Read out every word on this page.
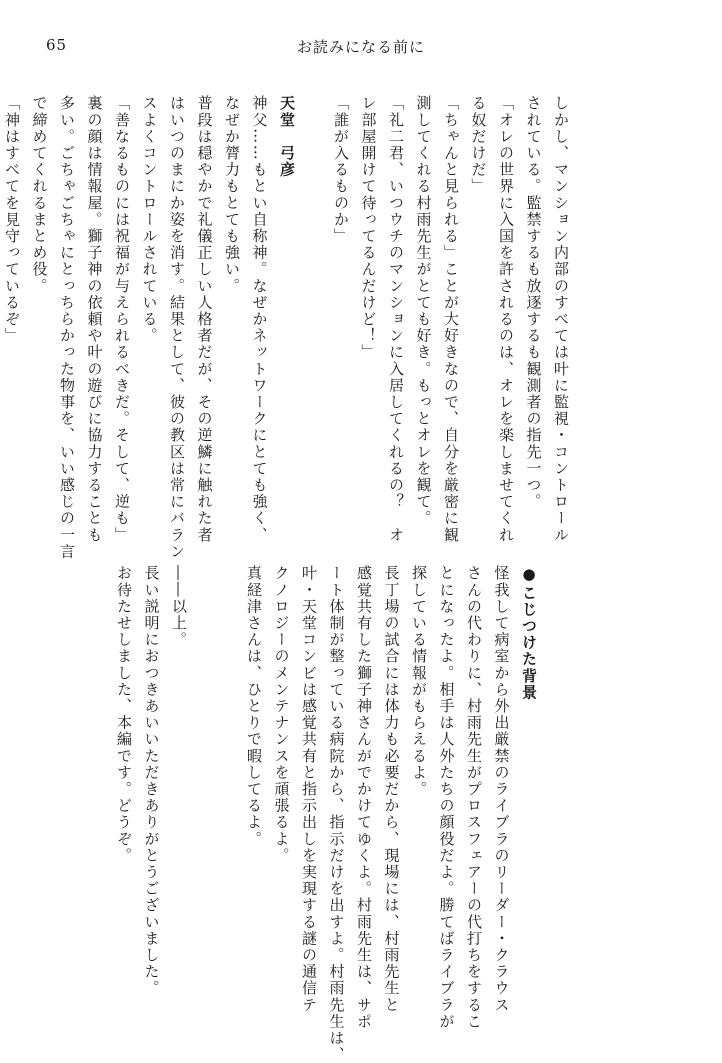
65	お読みになる前に

しかし、マンション内部のすべては叶に監視・コントロール

されている。監禁するも放逐するも観測者の指先一つ。

「オレの世界に入国を許されるのは、オレを楽しませてくれ

る奴だけだ」

「ちゃんと見られる」ことが大好きなので、自分を厳密に観

測してくれる村雨先生がとても好き。もっとオレを観て。

「礼二君、いつウチのマンションに入居してくれるの？　オ

レ部屋開けて待ってるんだけど！」

「誰が入るものか」

天堂　弓彦

神父……もとい自称神。なぜかネットワークにとても強く、

なぜか膂力もとても強い。

普段は穏やかで礼儀正しい人格者だが、その逆鱗に触れた者

はいつのまにか姿を消す。結果として、彼の教区は常にバラン

スよくコントロールされている。

「善なるものには祝福が与えられるべきだ。そして、逆も」

裏の顔は情報屋。獅子神の依頼や叶の遊びに協力することも

多い。ごちゃごちゃにとっちらかった物事を、いい感じの一言

で締めてくれるまとめ役。

「神はすべてを見守っているぞ」

●こじつけた背景

怪我して病室から外出厳禁のライブラのリーダー・クラウス

さんの代わりに、村雨先生がプロスフェアーの代打ちをするこ

とになったよ。相手は人外たちの顔役だよ。勝てばライブラが

探している情報がもらえるよ。

長丁場の試合には体力も必要だから、現場には、村雨先生と

感覚共有した獅子神さんがでかけてゆくよ。村雨先生は、サポ

ート体制が整っている病院から、指示だけを出すよ。村雨先生は、

叶・天堂コンビは感覚共有と指示出しを実現する謎の通信テ

クノロジーのメンテナンスを頑張るよ。

真経津さんは、ひとりで暇してるよ。

――以上。

長い説明におつきあいいただきありがとうございました。

お待たせしました、本編です。どうぞ。
